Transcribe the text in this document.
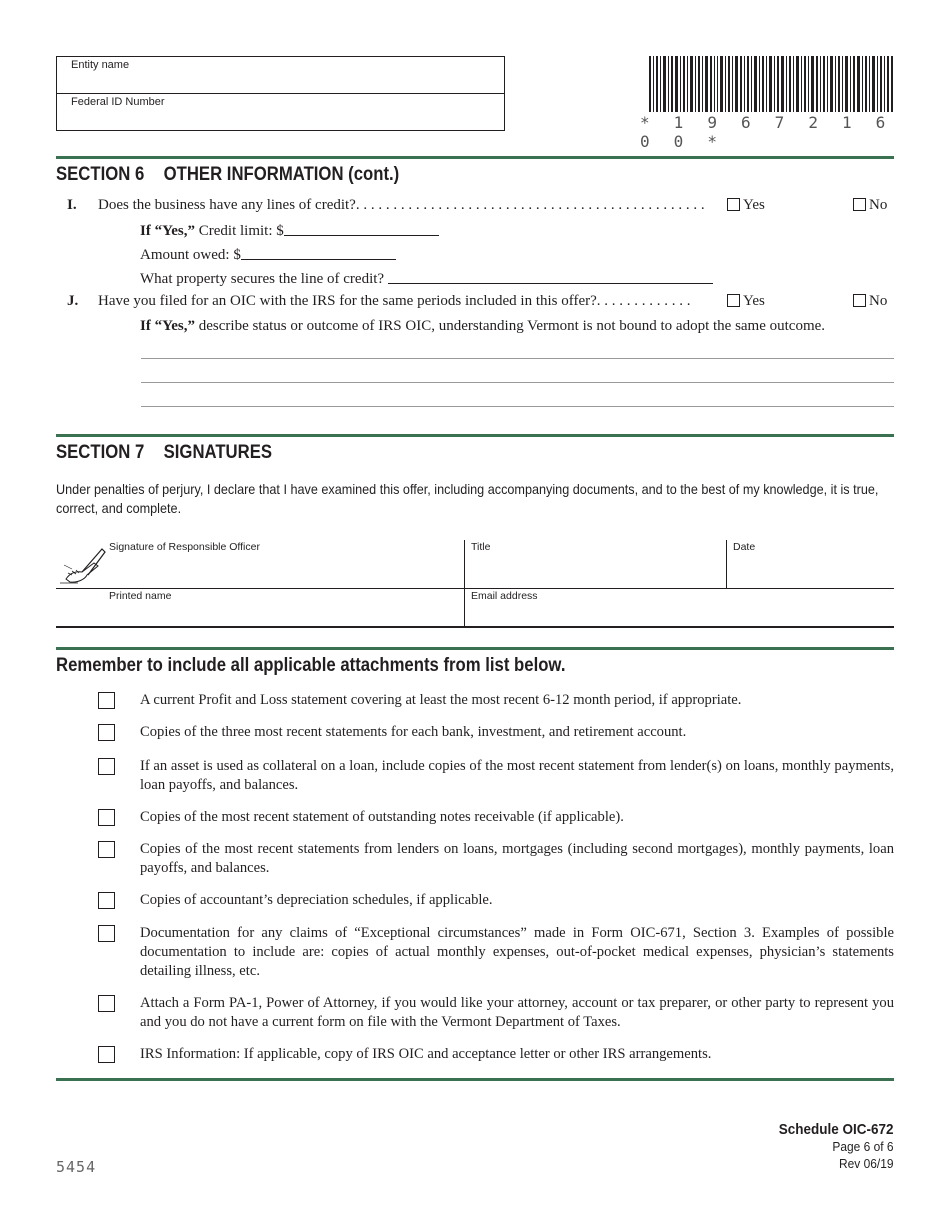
Entity name
Federal ID Number
* 1 9 6 7 2 1 6 0 0 *
SECTION 6 OTHER INFORMATION (cont.)
I. Does the business have any lines of credit?. . . . . . . . . . . . . . . . . . . . . . . . . . . . . . . . . . . . . . . . . . . . . . .	Yes	No
If “Yes,” Credit limit: $
Amount owed: $
What property secures the line of credit?
J. Have you filed for an OIC with the IRS for the same periods included in this offer?. . . . . . . . . . . . .	Yes	No
If “Yes,” describe status or outcome of IRS OIC, understanding Vermont is not bound to adopt the same outcome.
SECTION 7 SIGNATURES
Under penalties of perjury, I declare that I have examined this offer, including accompanying documents, and to the best of my knowledge, it is true, correct, and complete.
Signature of Responsible Officer	Title	Date
Printed name	Email address
Remember to include all applicable attachments from list below.
A current Profit and Loss statement covering at least the most recent 6-12 month period, if appropriate.
Copies of the three most recent statements for each bank, investment, and retirement account.
If an asset is used as collateral on a loan, include copies of the most recent statement from lender(s) on loans, monthly payments, loan payoffs, and balances.
Copies of the most recent statement of outstanding notes receivable (if applicable).
Copies of the most recent statements from lenders on loans, mortgages (including second mortgages), monthly payments, loan payoffs, and balances.
Copies of accountant’s depreciation schedules, if applicable.
Documentation for any claims of “Exceptional circumstances” made in Form OIC-671, Section 3. Examples of possible documentation to include are: copies of actual monthly expenses, out-of-pocket medical expenses, physician’s statements detailing illness, etc.
Attach a Form PA-1, Power of Attorney, if you would like your attorney, account or tax preparer, or other party to represent you and you do not have a current form on file with the Vermont Department of Taxes.
IRS Information: If applicable, copy of IRS OIC and acceptance letter or other IRS arrangements.
Schedule OIC-672
Page 6 of 6
Rev 06/19
5454
